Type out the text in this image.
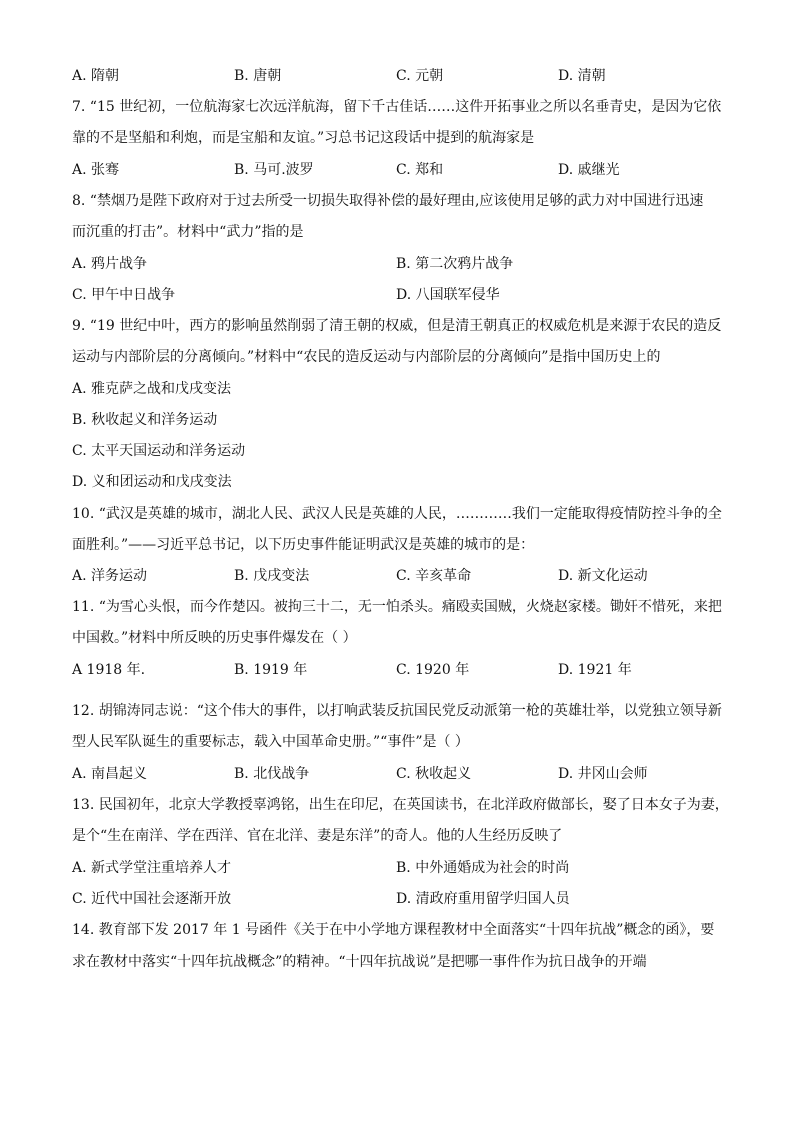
A. 隋朝	B. 唐朝	C. 元朝	D. 清朝
7. “15 世纪初，一位航海家七次远洋航海，留下千古佳话……这件开拓事业之所以名垂青史，是因为它依
靠的不是坚船和利炮，而是宝船和友谊。”习总书记这段话中提到的航海家是
A. 张骞	B. 马可.波罗	C. 郑和	D. 戚继光
8. “禁烟乃是陛下政府对于过去所受一切损失取得补偿的最好理由,应该使用足够的武力对中国进行迅速
而沉重的打击”。材料中“武力”指的是
A. 鸦片战争	B. 第二次鸦片战争
C. 甲午中日战争	D. 八国联军侵华
9. “19 世纪中叶，西方的影响虽然削弱了清王朝的权威，但是清王朝真正的权威危机是来源于农民的造反
运动与内部阶层的分离倾向。”材料中“农民的造反运动与内部阶层的分离倾向”是指中国历史上的
A. 雅克萨之战和戊戌变法
B. 秋收起义和洋务运动
C. 太平天国运动和洋务运动
D. 义和团运动和戊戌变法
10. “武汉是英雄的城市，湖北人民、武汉人民是英雄的人民，…………我们一定能取得疫情防控斗争的全
面胜利。”——习近平总书记，以下历史事件能证明武汉是英雄的城市的是：
A. 洋务运动	B. 戊戌变法	C. 辛亥革命	D. 新文化运动
11. “为雪心头恨，而今作楚囚。被拘三十二，无一怕杀头。痛殴卖国贼，火烧赵家楼。锄奸不惜死，来把
中国救。”材料中所反映的历史事件爆发在（ ）
A 1918 年.	B. 1919 年	C. 1920 年	D. 1921 年
12. 胡锦涛同志说：“这个伟大的事件，以打响武装反抗国民党反动派第一枪的英雄壮举，以党独立领导新
型人民军队诞生的重要标志，载入中国革命史册。”“事件”是（ ）
A. 南昌起义	B. 北伐战争	C. 秋收起义	D. 井冈山会师
13. 民国初年，北京大学教授辜鸿铭，出生在印尼，在英国读书，在北洋政府做部长，娶了日本女子为妻，
是个“生在南洋、学在西洋、官在北洋、妻是东洋”的奇人。他的人生经历反映了
A. 新式学堂注重培养人才	B. 中外通婚成为社会的时尚
C. 近代中国社会逐渐开放	D. 清政府重用留学归国人员
14. 教育部下发 2017 年 1 号函件《关于在中小学地方课程教材中全面落实“十四年抗战”概念的函》，要
求在教材中落实“十四年抗战概念”的精神。“十四年抗战说”是把哪一事件作为抗日战争的开端
